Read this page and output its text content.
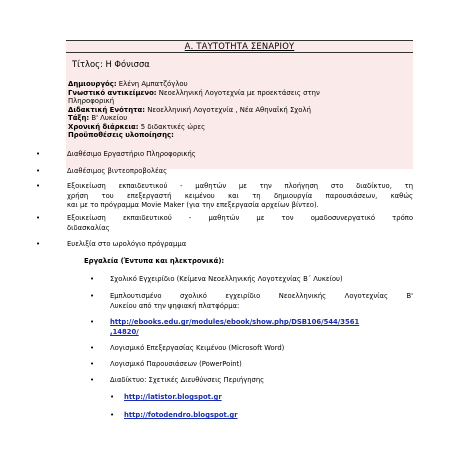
Α. ΤΑΥΤΟΤΗΤΑ ΣΕΝΑΡΙΟΥ
Τίτλος: Η Φόνισσα
Δημιουργός: Ελένη Αμπατζόγλου
Γνωστικό αντικείμενο: Νεοελληνική Λογοτεχνία με προεκτάσεις στην
Πληροφορική
Διδακτική Ενότητα: Νεοελληνική Λογοτεχνία , Νέα Αθηναϊκή Σχολή
Τάξη: Β' Λυκείου
Χρονική διάρκεια: 5 διδακτικές ώρες
Προϋποθέσεις υλοποίησης:
•	Διαθέσιμο Εργαστήριο Πληροφορικής
•	Διαθέσιμος βιντεοπροβολέας
•	Εξοικείωση εκπαιδευτικού - μαθητών με την πλοήγηση στο διαδίκτυο, τη
χρήση του επεξεργαστή κειμένου και τη δημιουργία παρουσιάσεων, καθώς
και με το πρόγραμμα Movie Maker (για την επεξεργασία αρχείων βίντεο).
•	Εξοικείωση εκπαιδευτικού - μαθητών με τον ομαδοσυνεργατικό τρόπο
διδασκαλίας
•	Ευελιξία στο ωρολόγιο πρόγραμμα
Εργαλεία (Έντυπα και ηλεκτρονικά):
• Σχολικό Εγχειρίδιο (Κείμενα Νεοελληνικής Λογοτεχνίας Β΄ Λυκείου)
• Εμπλουτισμένο σχολικό εγχειρίδιο Νεοελληνικής Λογοτεχνίας Β'
Λυκείου από την ψηφιακή πλατφόρμα:
• http://ebooks.edu.gr/modules/ebook/show.php/DSB106/544/3561
,14820/
• Λογισμικό Επεξεργασίας Κειμένου (Microsoft Word)
• Λογισμικό Παρουσιάσεων (PowerPoint)
• Διαδίκτυο: Σχετικές Διευθύνσεις Περιήγησης
• http://latistor.blogspot.gr
• http://fotodendro.blogspot.gr
